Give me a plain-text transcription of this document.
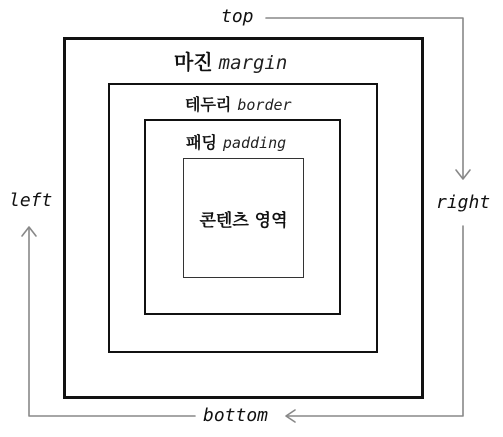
마진 margin
테두리 border
패딩 padding
콘텐츠 영역
top
right
left
bottom
